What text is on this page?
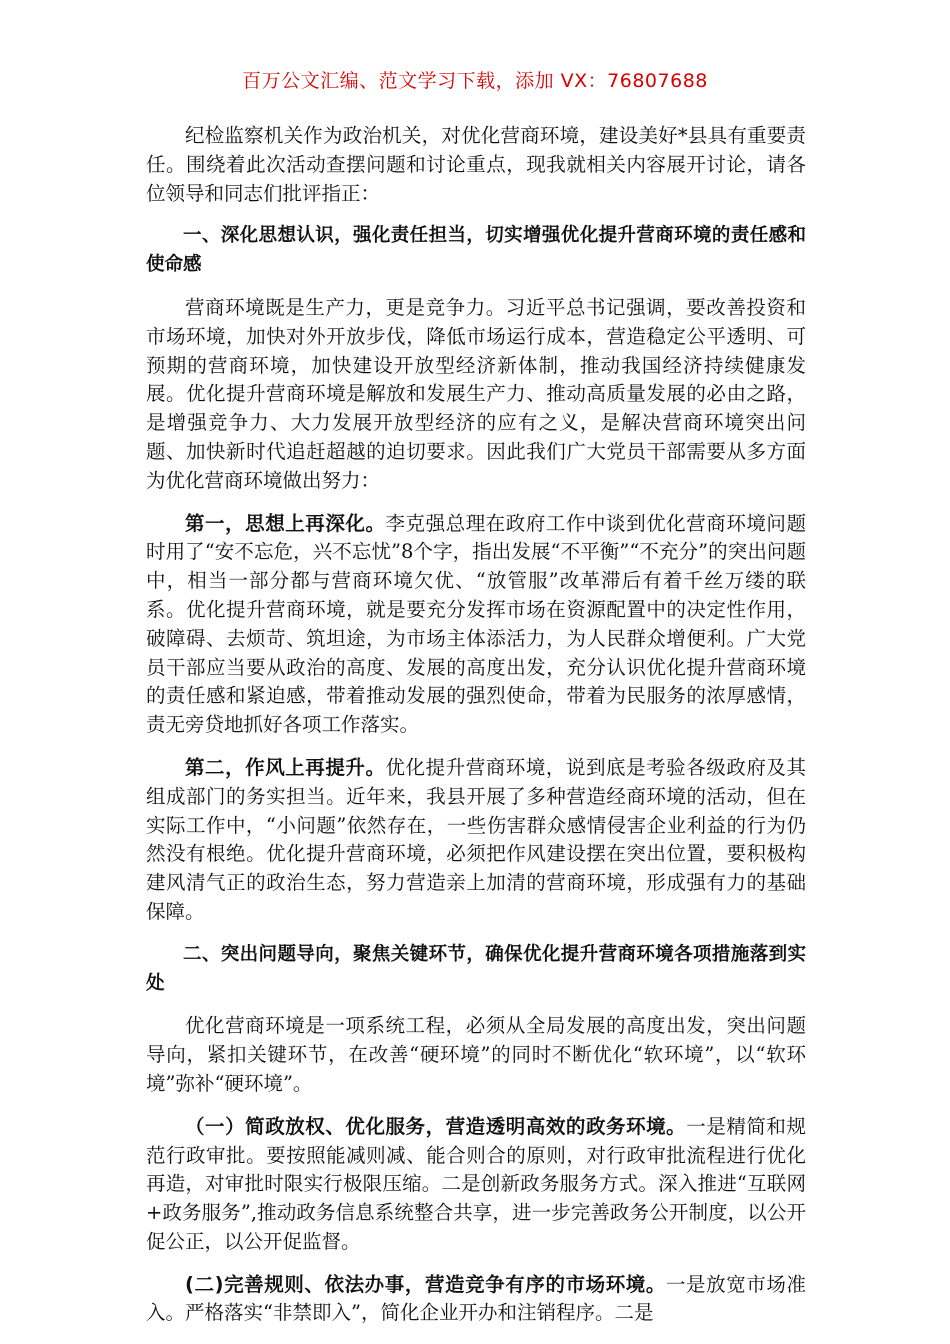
百万公文汇编、范文学习下载，添加 VX：76807688

纪检监察机关作为政治机关，对优化营商环境，建设美好*县具有重要责任。围绕着此次活动查摆问题和讨论重点，现我就相关内容展开讨论，请各位领导和同志们批评指正：

一、深化思想认识，强化责任担当，切实增强优化提升营商环境的责任感和使命感

营商环境既是生产力，更是竞争力。习近平总书记强调，要改善投资和市场环境，加快对外开放步伐，降低市场运行成本，营造稳定公平透明、可预期的营商环境，加快建设开放型经济新体制，推动我国经济持续健康发展。优化提升营商环境是解放和发展生产力、推动高质量发展的必由之路，是增强竞争力、大力发展开放型经济的应有之义，是解决营商环境突出问题、加快新时代追赶超越的迫切要求。因此我们广大党员干部需要从多方面为优化营商环境做出努力：

第一，思想上再深化。李克强总理在政府工作中谈到优化营商环境问题时用了“安不忘危，兴不忘忧”8个字，指出发展“不平衡”“不充分”的突出问题中，相当一部分都与营商环境欠优、“放管服”改革滞后有着千丝万缕的联系。优化提升营商环境，就是要充分发挥市场在资源配置中的决定性作用，破障碍、去烦苛、筑坦途，为市场主体添活力，为人民群众增便利。广大党员干部应当要从政治的高度、发展的高度出发，充分认识优化提升营商环境的责任感和紧迫感，带着推动发展的强烈使命，带着为民服务的浓厚感情，责无旁贷地抓好各项工作落实。

第二，作风上再提升。优化提升营商环境，说到底是考验各级政府及其组成部门的务实担当。近年来，我县开展了多种营造经商环境的活动，但在实际工作中，“小问题”依然存在，一些伤害群众感情侵害企业利益的行为仍然没有根绝。优化提升营商环境，必须把作风建设摆在突出位置，要积极构建风清气正的政治生态，努力营造亲上加清的营商环境，形成强有力的基础保障。

二、突出问题导向，聚焦关键环节，确保优化提升营商环境各项措施落到实处

优化营商环境是一项系统工程，必须从全局发展的高度出发，突出问题导向，紧扣关键环节，在改善“硬环境”的同时不断优化“软环境”，以“软环境”弥补“硬环境”。

（一）简政放权、优化服务，营造透明高效的政务环境。一是精简和规范行政审批。要按照能减则减、能合则合的原则，对行政审批流程进行优化再造，对审批时限实行极限压缩。二是创新政务服务方式。深入推进“互联网+政务服务”,推动政务信息系统整合共享，进一步完善政务公开制度，以公开促公正，以公开促监督。

(二)完善规则、依法办事，营造竞争有序的市场环境。一是放宽市场准入。严格落实“非禁即入”，简化企业开办和注销程序。二是
